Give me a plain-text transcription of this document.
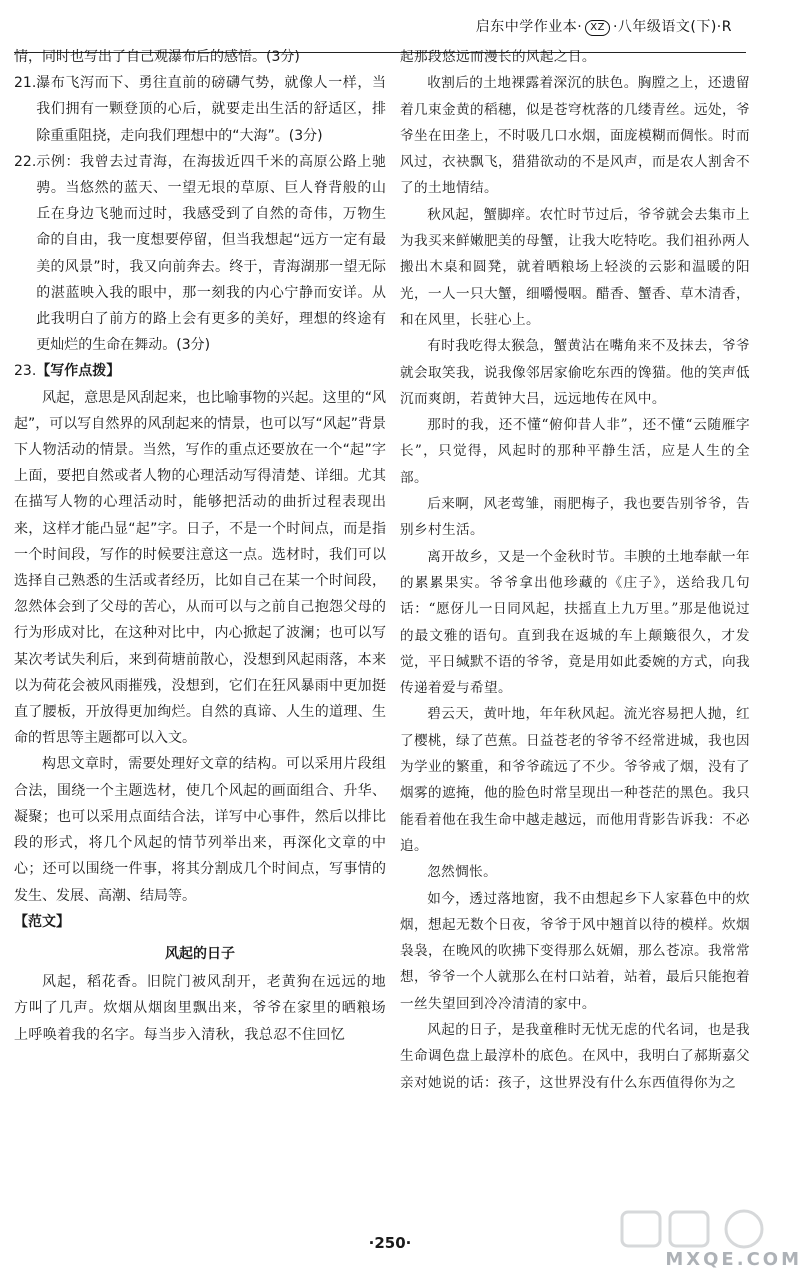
启东中学作业本· XZ ·八年级语文(下)·R

情，同时也写出了自己观瀑布后的感悟。(3分)

21. 瀑布飞泻而下、勇往直前的磅礴气势，就像人一样，当我们拥有一颗登顶的心后，就要走出生活的舒适区，排除重重阻挠，走向我们理想中的“大海”。(3分)
22. 示例：我曾去过青海，在海拔近四千米的高原公路上驰骋。当悠然的蓝天、一望无垠的草原、巨人脊背般的山丘在身边飞驰而过时，我感受到了自然的奇伟，万物生命的自由，我一度想要停留，但当我想起“远方一定有最美的风景”时，我又向前奔去。终于，青海湖那一望无际的湛蓝映入我的眼中，那一刻我的内心宁静而安详。从此我明白了前方的路上会有更多的美好，理想的终途有更灿烂的生命在舞动。(3分)
23. 【写作点拨】

风起，意思是风刮起来，也比喻事物的兴起。这里的“风起”，可以写自然界的风刮起来的情景，也可以写“风起”背景下人物活动的情景。当然，写作的重点还要放在一个“起”字上面，要把自然或者人物的心理活动写得清楚、详细。尤其在描写人物的心理活动时，能够把活动的曲折过程表现出来，这样才能凸显“起”字。日子，不是一个时间点，而是指一个时间段，写作的时候要注意这一点。选材时，我们可以选择自己熟悉的生活或者经历，比如自己在某一个时间段，忽然体会到了父母的苦心，从而可以与之前自己抱怨父母的行为形成对比，在这种对比中，内心掀起了波澜；也可以写某次考试失利后，来到荷塘前散心，没想到风起雨落，本来以为荷花会被风雨摧残，没想到，它们在狂风暴雨中更加挺直了腰板，开放得更加绚烂。自然的真谛、人生的道理、生命的哲思等主题都可以入文。

构思文章时，需要处理好文章的结构。可以采用片段组合法，围绕一个主题选材，使几个风起的画面组合、升华、凝聚；也可以采用点面结合法，详写中心事件，然后以排比段的形式，将几个风起的情节列举出来，再深化文章的中心；还可以围绕一件事，将其分割成几个时间点，写事情的发生、发展、高潮、结局等。

【范文】

风起的日子

风起，稻花香。旧院门被风刮开，老黄狗在远远的地方叫了几声。炊烟从烟囱里飘出来，爷爷在家里的晒粮场上呼唤着我的名字。每当步入清秋，我总忍不住回忆

起那段悠远而漫长的风起之日。

收割后的土地裸露着深沉的肤色。胸膛之上，还遗留着几束金黄的稻穗，似是苍穹枕落的几缕青丝。远处，爷爷坐在田垄上，不时吸几口水烟，面庞模糊而倜怅。时而风过，衣袂飘飞，猎猎欲动的不是风声，而是农人割舍不了的土地情结。

秋风起，蟹脚痒。农忙时节过后，爷爷就会去集市上为我买来鲜嫩肥美的母蟹，让我大吃特吃。我们祖孙两人搬出木桌和圆凳，就着晒粮场上轻淡的云影和温暖的阳光，一人一只大蟹，细嚼慢咽。醋香、蟹香、草木清香，和在风里，长驻心上。

有时我吃得太猴急，蟹黄沾在嘴角来不及抹去，爷爷就会取笑我，说我像邻居家偷吃东西的馋猫。他的笑声低沉而爽朗，若黄钟大吕，远远地传在风中。

那时的我，还不懂“俯仰昔人非”，还不懂“云随雁字长”，只觉得，风起时的那种平静生活，应是人生的全部。

后来啊，风老莺雏，雨肥梅子，我也要告别爷爷，告别乡村生活。

离开故乡，又是一个金秋时节。丰腴的土地奉献一年的累累果实。爷爷拿出他珍藏的《庄子》，送给我几句话：“愿伢儿一日同风起，扶摇直上九万里。”那是他说过的最文雅的语句。直到我在返城的车上颠簸很久，才发觉，平日缄默不语的爷爷，竟是用如此委婉的方式，向我传递着爱与希望。

碧云天，黄叶地，年年秋风起。流光容易把人抛，红了樱桃，绿了芭蕉。日益苍老的爷爷不经常进城，我也因为学业的繁重，和爷爷疏远了不少。爷爷戒了烟，没有了烟雾的遮掩，他的脸色时常呈现出一种苍茫的黑色。我只能看着他在我生命中越走越远，而他用背影告诉我：不必追。

忽然惆怅。

如今，透过落地窗，我不由想起乡下人家暮色中的炊烟，想起无数个日夜，爷爷于风中翘首以待的模样。炊烟袅袅，在晚风的吹拂下变得那么妩媚，那么苍凉。我常常想，爷爷一个人就那么在村口站着，站着，最后只能抱着一丝失望回到冷冷清清的家中。

风起的日子，是我童稚时无忧无虑的代名词，也是我生命调色盘上最淳朴的底色。在风中，我明白了郝斯嘉父亲对她说的话：孩子，这世界没有什么东西值得你为之

·250·
MXQE.COM
